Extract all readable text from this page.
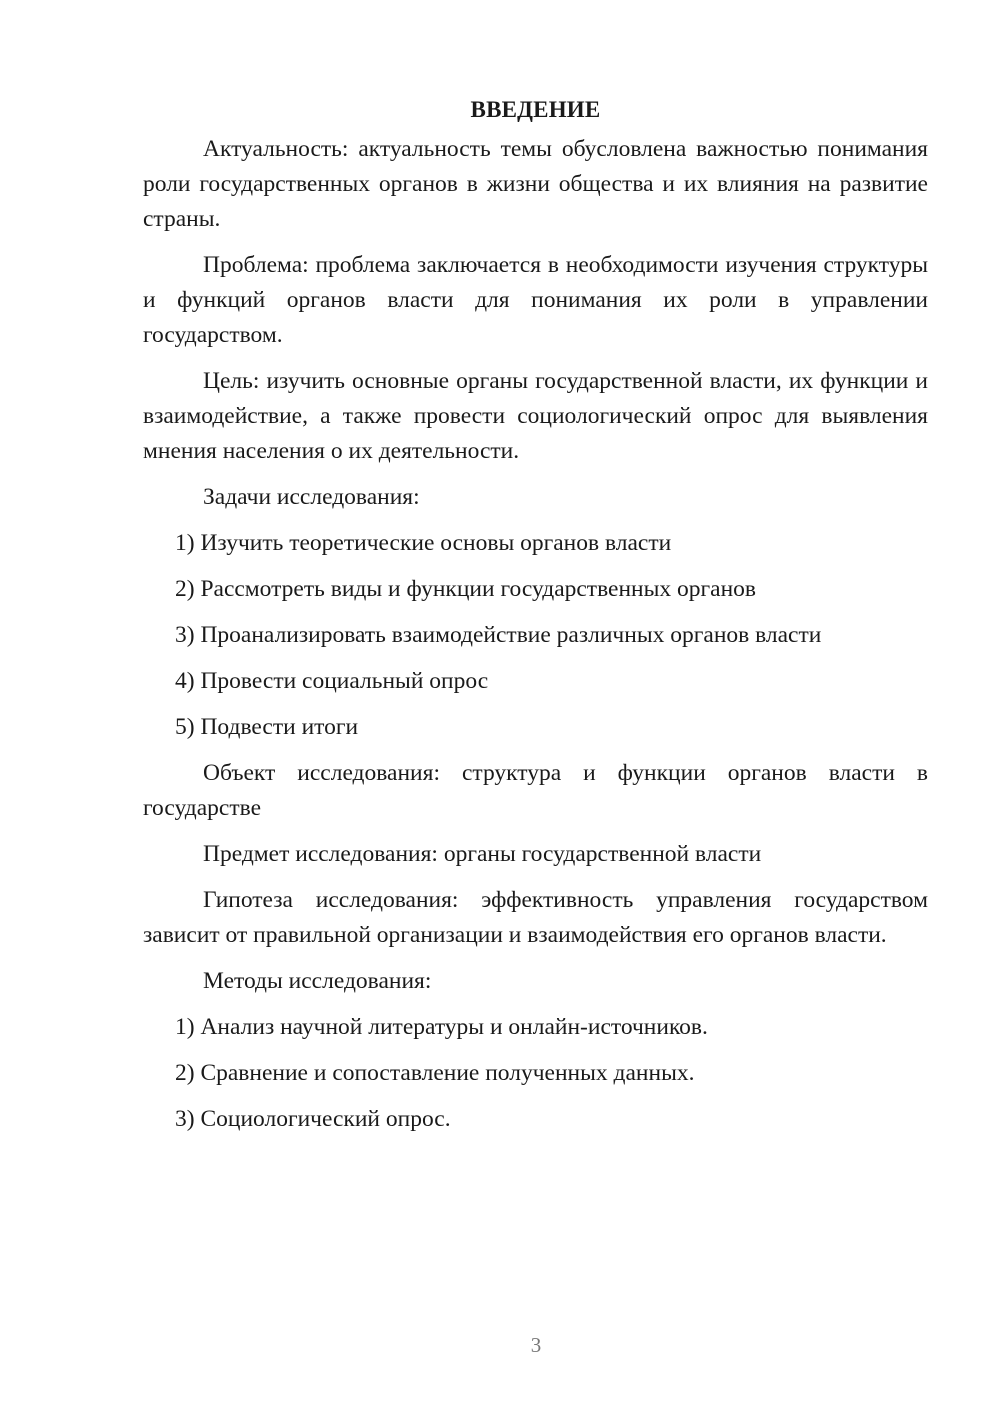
ВВЕДЕНИЕ

Актуальность: актуальность темы обусловлена важностью понимания роли государственных органов в жизни общества и их влияния на развитие страны.

Проблема: проблема заключается в необходимости изучения структуры и функций органов власти для понимания их роли в управлении государством.

Цель: изучить основные органы государственной власти, их функции и взаимодействие, а также провести социологический опрос для выявления мнения населения о их деятельности.

Задачи исследования:

1) Изучить теоретические основы органов власти

2) Рассмотреть виды и функции государственных органов

3) Проанализировать взаимодействие различных органов власти

4) Провести социальный опрос

5) Подвести итоги

Объект исследования: структура и функции органов власти в государстве

Предмет исследования: органы государственной власти

Гипотеза исследования: эффективность управления государством зависит от правильной организации и взаимодействия его органов власти.

Методы исследования:

1) Анализ научной литературы и онлайн-источников.

2) Сравнение и сопоставление полученных данных.

3) Социологический опрос.

3
